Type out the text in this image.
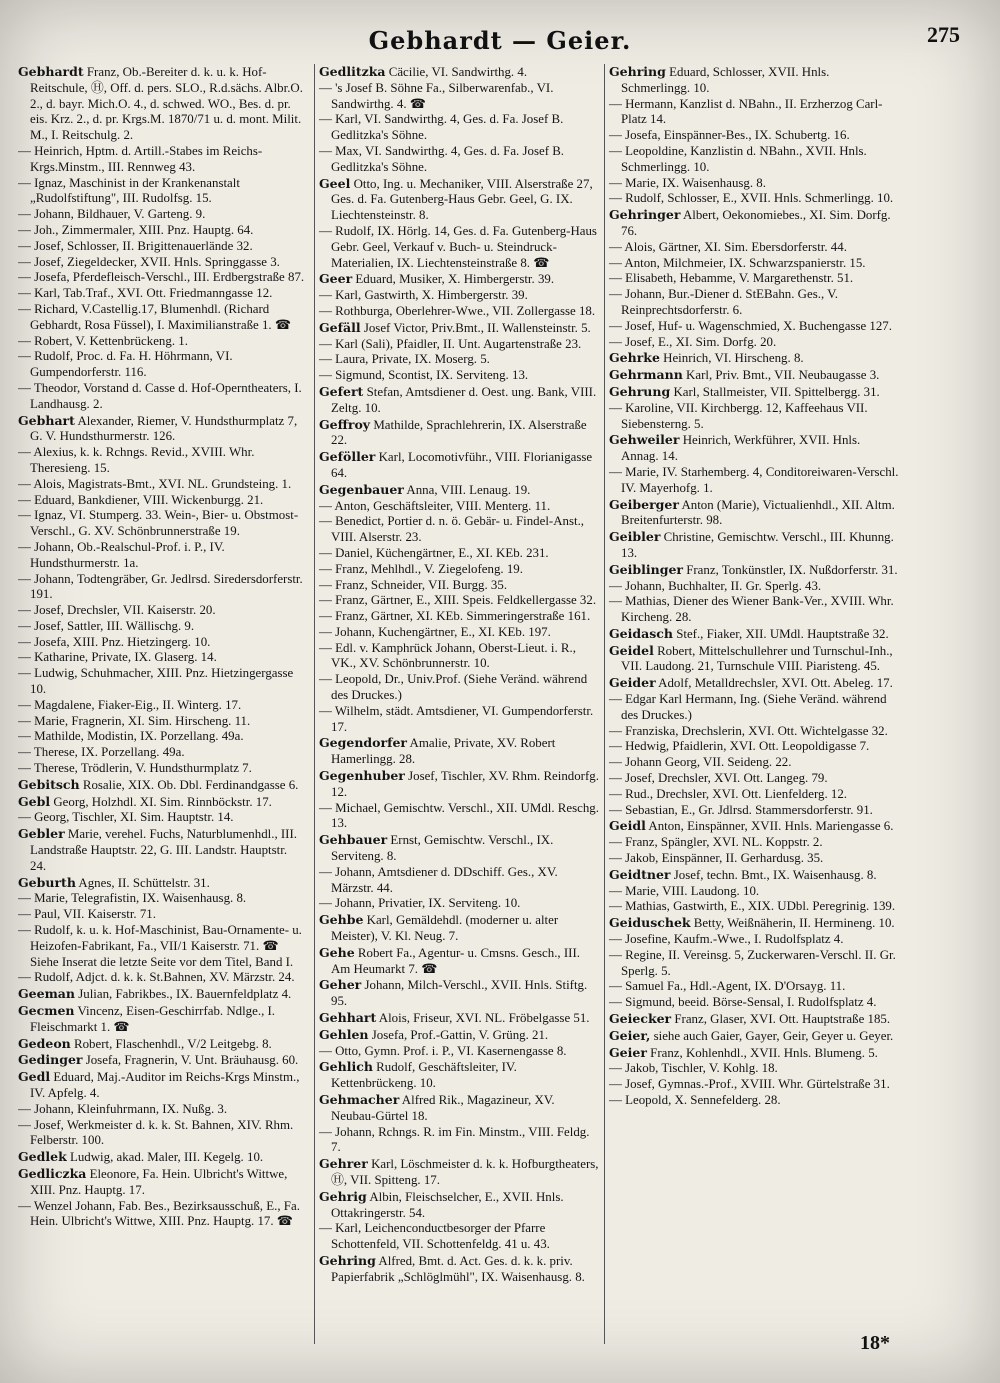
Gebhardt — Geier.	275

Gebhardt Franz, Ob.-Bereiter d. k. u. k. Hof-Reitschule, Ⓗ, Off. d. pers. SLO., R.d.sächs. Albr.O. 2., d. bayr. Mich.O. 4., d. schwed. WO., Bes. d. pr. eis. Krz. 2., d. pr. Krgs.M. 1870/71 u. d. mont. Milit. M., I. Reitschulg. 2.

— Heinrich, Hptm. d. Artill.-Stabes im Reichs-Krgs.Minstm., III. Rennweg 43.

— Ignaz, Maschinist in der Krankenanstalt „Rudolfstiftung", III. Rudolfsg. 15.

— Johann, Bildhauer, V. Garteng. 9.

— Joh., Zimmermaler, XIII. Pnz. Hauptg. 64.

— Josef, Schlosser, II. Brigittenauerlände 32.

— Josef, Ziegeldecker, XVII. Hnls. Springgasse 3.

— Josefa, Pferdefleisch-Verschl., III. Erdbergstraße 87.

— Karl, Tab.Traf., XVI. Ott. Friedmanngasse 12.

— Richard, V.Castellig.17, Blumenhdl. (Richard Gebhardt, Rosa Füssel), I. Maximilianstraße 1. ☎

— Robert, V. Kettenbrückeng. 1.

— Rudolf, Proc. d. Fa. H. Höhrmann, VI. Gumpendorferstr. 116.

— Theodor, Vorstand d. Casse d. Hof-Operntheaters, I. Landhausg. 2.

Gebhart Alexander, Riemer, V. Hundsthurmplatz 7, G. V. Hundsthurmerstr. 126.

— Alexius, k. k. Rchngs. Revid., XVIII. Whr. Theresieng. 15.

— Alois, Magistrats-Bmt., XVI. NL. Grundsteing. 1.

— Eduard, Bankdiener, VIII. Wickenburgg. 21.

— Ignaz, VI. Stumperg. 33. Wein-, Bier- u. Obstmost-Verschl., G. XV. Schönbrunnerstraße 19.

— Johann, Ob.-Realschul-Prof. i. P., IV. Hundsthurmerstr. 1a.

— Johann, Todtengräber, Gr. Jedlrsd. Siredersdorferstr. 191.

— Josef, Drechsler, VII. Kaiserstr. 20.

— Josef, Sattler, III. Wällischg. 9.

— Josefa, XIII. Pnz. Hietzingerg. 10.

— Katharine, Private, IX. Glaserg. 14.

— Ludwig, Schuhmacher, XIII. Pnz. Hietzingergasse 10.

— Magdalene, Fiaker-Eig., II. Winterg. 17.

— Marie, Fragnerin, XI. Sim. Hirscheng. 11.

— Mathilde, Modistin, IX. Porzellang. 49a.

— Therese, IX. Porzellang. 49a.

— Therese, Trödlerin, V. Hundsthurmplatz 7.

Gebitsch Rosalie, XIX. Ob. Dbl. Ferdinandgasse 6.

Gebl Georg, Holzhdl. XI. Sim. Rinnböckstr. 17.

— Georg, Tischler, XI. Sim. Hauptstr. 14.

Gebler Marie, verehel. Fuchs, Naturblumenhdl., III. Landstraße Hauptstr. 22, G. III. Landstr. Hauptstr. 24.

Geburth Agnes, II. Schüttelstr. 31.

— Marie, Telegrafistin, IX. Waisenhausg. 8.

— Paul, VII. Kaiserstr. 71.

— Rudolf, k. u. k. Hof-Maschinist, Bau-Ornamente- u. Heizofen-Fabrikant, Fa., VII/1 Kaiserstr. 71. ☎ Siehe Inserat die letzte Seite vor dem Titel, Band I.

— Rudolf, Adjct. d. k. k. St.Bahnen, XV. Märzstr. 24.

Geeman Julian, Fabrikbes., IX. Bauernfeldplatz 4.

Gecmen Vincenz, Eisen-Geschirrfab. Ndlge., I. Fleischmarkt 1. ☎

Gedeon Robert, Flaschenhdl., V/2 Leitgebg. 8.

Gedinger Josefa, Fragnerin, V. Unt. Bräuhausg. 60.

Gedl Eduard, Maj.-Auditor im Reichs-Krgs Minstm., IV. Apfelg. 4.

— Johann, Kleinfuhrmann, IX. Nußg. 3.

— Josef, Werkmeister d. k. k. St. Bahnen, XIV. Rhm. Felberstr. 100.

Gedlek Ludwig, akad. Maler, III. Kegelg. 10.

Gedliczka Eleonore, Fa. Hein. Ulbricht's Wittwe, XIII. Pnz. Hauptg. 17.

— Wenzel Johann, Fab. Bes., Bezirksausschuß, E., Fa. Hein. Ulbricht's Wittwe, XIII. Pnz. Hauptg. 17. ☎

Gedlitzka Cäcilie, VI. Sandwirthg. 4.

— 's Josef B. Söhne Fa., Silberwarenfab., VI. Sandwirthg. 4. ☎

— Karl, VI. Sandwirthg. 4, Ges. d. Fa. Josef B. Gedlitzka's Söhne.

— Max, VI. Sandwirthg. 4, Ges. d. Fa. Josef B. Gedlitzka's Söhne.

Geel Otto, Ing. u. Mechaniker, VIII. Alserstraße 27, Ges. d. Fa. Gutenberg-Haus Gebr. Geel, G. IX. Liechtensteinstr. 8.

— Rudolf, IX. Hörlg. 14, Ges. d. Fa. Gutenberg-Haus Gebr. Geel, Verkauf v. Buch- u. Steindruck-Materialien, IX. Liechtensteinstraße 8. ☎

Geer Eduard, Musiker, X. Himbergerstr. 39.

— Karl, Gastwirth, X. Himbergerstr. 39.

— Rothburga, Oberlehrer-Wwe., VII. Zollergasse 18.

Gefäll Josef Victor, Priv.Bmt., II. Wallensteinstr. 5.

— Karl (Sali), Pfaidler, II. Unt. Augartenstraße 23.

— Laura, Private, IX. Moserg. 5.

— Sigmund, Scontist, IX. Serviteng. 13.

Gefert Stefan, Amtsdiener d. Oest. ung. Bank, VIII. Zeltg. 10.

Geffroy Mathilde, Sprachlehrerin, IX. Alserstraße 22.

Geföller Karl, Locomotivführ., VIII. Florianigasse 64.

Gegenbauer Anna, VIII. Lenaug. 19.

— Anton, Geschäftsleiter, VIII. Menterg. 11.

— Benedict, Portier d. n. ö. Gebär- u. Findel-Anst., VIII. Alserstr. 23.

— Daniel, Küchengärtner, E., XI. KEb. 231.

— Franz, Mehlhdl., V. Ziegelofeng. 19.

— Franz, Schneider, VII. Burgg. 35.

— Franz, Gärtner, E., XIII. Speis. Feldkellergasse 32.

— Franz, Gärtner, XI. KEb. Simmeringerstraße 161.

— Johann, Kuchengärtner, E., XI. KEb. 197.

— Edl. v. Kamphrück Johann, Oberst-Lieut. i. R., VK., XV. Schönbrunnerstr. 10.

— Leopold, Dr., Univ.Prof. (Siehe Veränd. während des Druckes.)

— Wilhelm, städt. Amtsdiener, VI. Gumpendorferstr. 17.

Gegendorfer Amalie, Private, XV. Robert Hamerlingg. 28.

Gegenhuber Josef, Tischler, XV. Rhm. Reindorfg. 12.

— Michael, Gemischtw. Verschl., XII. UMdl. Reschg. 13.

Gehbauer Ernst, Gemischtw. Verschl., IX. Serviteng. 8.

— Johann, Amtsdiener d. DDschiff. Ges., XV. Märzstr. 44.

— Johann, Privatier, IX. Serviteng. 10.

Gehbe Karl, Gemäldehdl. (moderner u. alter Meister), V. Kl. Neug. 7.

Gehe Robert Fa., Agentur- u. Cmsns. Gesch., III. Am Heumarkt 7. ☎

Geher Johann, Milch-Verschl., XVII. Hnls. Stiftg. 95.

Gehhart Alois, Friseur, XVI. NL. Fröbelgasse 51.

Gehlen Josefa, Prof.-Gattin, V. Grüng. 21.

— Otto, Gymn. Prof. i. P., VI. Kasernengasse 8.

Gehlich Rudolf, Geschäftsleiter, IV. Kettenbrückeng. 10.

Gehmacher Alfred Rik., Magazineur, XV. Neubau-Gürtel 18.

— Johann, Rchngs. R. im Fin. Minstm., VIII. Feldg. 7.

Gehrer Karl, Löschmeister d. k. k. Hofburgtheaters, Ⓗ, VII. Spitteng. 17.

Gehrig Albin, Fleischselcher, E., XVII. Hnls. Ottakringerstr. 54.

— Karl, Leichenconductbesorger der Pfarre Schottenfeld, VII. Schottenfeldg. 41 u. 43.

Gehring Alfred, Bmt. d. Act. Ges. d. k. k. priv. Papierfabrik „Schlöglmühl", IX. Waisenhausg. 8.

Gehring Eduard, Schlosser, XVII. Hnls. Schmerlingg. 10.

— Hermann, Kanzlist d. NBahn., II. Erzherzog Carl-Platz 14.

— Josefa, Einspänner-Bes., IX. Schubertg. 16.

— Leopoldine, Kanzlistin d. NBahn., XVII. Hnls. Schmerlingg. 10.

— Marie, IX. Waisenhausg. 8.

— Rudolf, Schlosser, E., XVII. Hnls. Schmerlingg. 10.

Gehringer Albert, Oekonomiebes., XI. Sim. Dorfg. 76.

— Alois, Gärtner, XI. Sim. Ebersdorferstr. 44.

— Anton, Milchmeier, IX. Schwarzspanierstr. 15.

— Elisabeth, Hebamme, V. Margarethenstr. 51.

— Johann, Bur.-Diener d. StEBahn. Ges., V. Reinprechtsdorferstr. 6.

— Josef, Huf- u. Wagenschmied, X. Buchengasse 127.

— Josef, E., XI. Sim. Dorfg. 20.

Gehrke Heinrich, VI. Hirscheng. 8.

Gehrmann Karl, Priv. Bmt., VII. Neubaugasse 3.

Gehrung Karl, Stallmeister, VII. Spittelbergg. 31.

— Karoline, VII. Kirchbergg. 12, Kaffeehaus VII. Siebensterng. 5.

Gehweiler Heinrich, Werkführer, XVII. Hnls. Annag. 14.

— Marie, IV. Starhemberg. 4, Conditoreiwaren-Verschl. IV. Mayerhofg. 1.

Geiberger Anton (Marie), Victualienhdl., XII. Altm. Breitenfurterstr. 98.

Geibler Christine, Gemischtw. Verschl., III. Khunng. 13.

Geiblinger Franz, Tonkünstler, IX. Nußdorferstr. 31.

— Johann, Buchhalter, II. Gr. Sperlg. 43.

— Mathias, Diener des Wiener Bank-Ver., XVIII. Whr. Kircheng. 28.

Geidasch Stef., Fiaker, XII. UMdl. Hauptstraße 32.

Geidel Robert, Mittelschullehrer und Turnschul-Inh., VII. Laudong. 21, Turnschule VIII. Piaristeng. 45.

Geider Adolf, Metalldrechsler, XVI. Ott. Abeleg. 17.

— Edgar Karl Hermann, Ing. (Siehe Veränd. während des Druckes.)

— Franziska, Drechslerin, XVI. Ott. Wichtelgasse 32.

— Hedwig, Pfaidlerin, XVI. Ott. Leopoldigasse 7.

— Johann Georg, VII. Seideng. 22.

— Josef, Drechsler, XVI. Ott. Langeg. 79.

— Rud., Drechsler, XVI. Ott. Lienfelderg. 12.

— Sebastian, E., Gr. Jdlrsd. Stammersdorferstr. 91.

Geidl Anton, Einspänner, XVII. Hnls. Mariengasse 6.

— Franz, Spängler, XVI. NL. Koppstr. 2.

— Jakob, Einspänner, II. Gerhardusg. 35.

Geidtner Josef, techn. Bmt., IX. Waisenhausg. 8.

— Marie, VIII. Laudong. 10.

— Mathias, Gastwirth, E., XIX. UDbl. Peregrinig. 139.

Geiduschek Betty, Weißnäherin, II. Hermineng. 10.

— Josefine, Kaufm.-Wwe., I. Rudolfsplatz 4.

— Regine, II. Vereinsg. 5, Zuckerwaren-Verschl. II. Gr. Sperlg. 5.

— Samuel Fa., Hdl.-Agent, IX. D'Orsayg. 11.

— Sigmund, beeid. Börse-Sensal, I. Rudolfsplatz 4.

Geiecker Franz, Glaser, XVI. Ott. Hauptstraße 185.

Geier, siehe auch Gaier, Gayer, Geir, Geyer u. Geyer.

Geier Franz, Kohlenhdl., XVII. Hnls. Blumeng. 5.

— Jakob, Tischler, V. Kohlg. 18.

— Josef, Gymnas.-Prof., XVIII. Whr. Gürtelstraße 31.

— Leopold, X. Sennefelderg. 28.

18*
